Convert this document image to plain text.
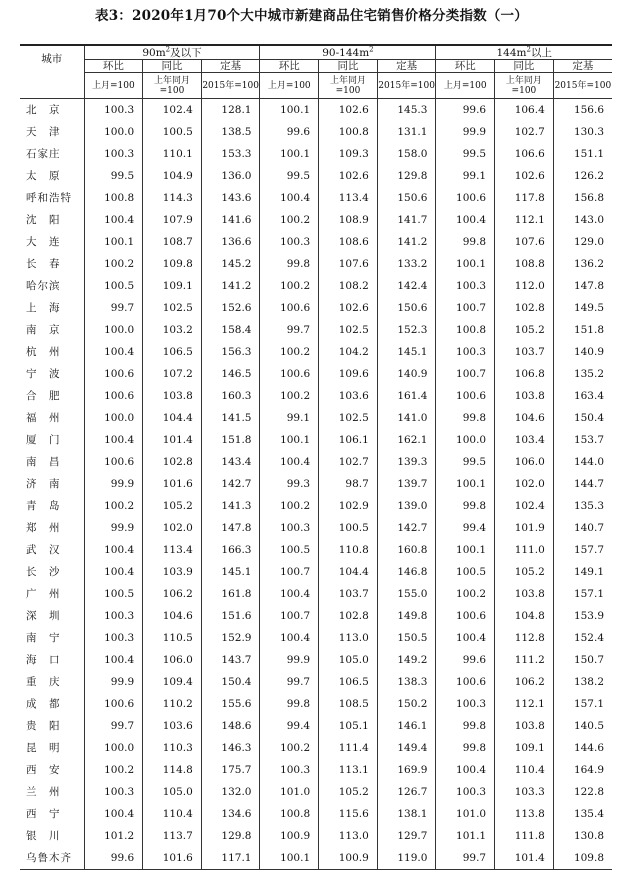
表3：2020年1月70个大中城市新建商品住宅销售价格分类指数（一）
城市	$90m^2$及以下			$90-144m^2$			$144m^2$以上		
	环比	同比	定基	环比	同比	定基	环比	同比	定基
	上月=100	上年同月=100	2015年=100	上月=100	上年同月=100	2015年=100	上月=100	上年同月=100	2015年=100
北　京	100.3	102.4	128.1	100.1	102.6	145.3	99.6	106.4	156.6
天　津	100.0	100.5	138.5	99.6	100.8	131.1	99.9	102.7	130.3
石家庄	100.3	110.1	153.3	100.1	109.3	158.0	99.5	106.6	151.1
太　原	99.5	104.9	136.0	99.5	102.6	129.8	99.1	102.6	126.2
呼和浩特	100.8	114.3	143.6	100.4	113.4	150.6	100.6	117.8	156.8
沈　阳	100.4	107.9	141.6	100.2	108.9	141.7	100.4	112.1	143.0
大　连	100.1	108.7	136.6	100.3	108.6	141.2	99.8	107.6	129.0
长　春	100.2	109.8	145.2	99.8	107.6	133.2	100.1	108.8	136.2
哈尔滨	100.5	109.1	141.2	100.2	108.2	142.4	100.3	112.0	147.8
上　海	99.7	102.5	152.6	100.6	102.6	150.6	100.7	102.8	149.5
南　京	100.0	103.2	158.4	99.7	102.5	152.3	100.8	105.2	151.8
杭　州	100.4	106.5	156.3	100.2	104.2	145.1	100.3	103.7	140.9
宁　波	100.6	107.2	146.5	100.6	109.6	140.9	100.7	106.8	135.2
合　肥	100.6	103.8	160.3	100.2	103.6	161.4	100.6	103.8	163.4
福　州	100.0	104.4	141.5	99.1	102.5	141.0	99.8	104.6	150.4
厦　门	100.4	101.4	151.8	100.1	106.1	162.1	100.0	103.4	153.7
南　昌	100.6	102.8	143.4	100.4	102.7	139.3	99.5	106.0	144.0
济　南	99.9	101.6	142.7	99.3	98.7	139.7	100.1	102.0	144.7
青　岛	100.2	105.2	141.3	100.2	102.9	139.0	99.8	102.4	135.3
郑　州	99.9	102.0	147.8	100.3	100.5	142.7	99.4	101.9	140.7
武　汉	100.4	113.4	166.3	100.5	110.8	160.8	100.1	111.0	157.7
长　沙	100.4	103.9	145.1	100.7	104.4	146.8	100.5	105.2	149.1
广　州	100.5	106.2	161.8	100.4	103.7	155.0	100.2	103.8	157.1
深　圳	100.3	104.6	151.6	100.7	102.8	149.8	100.6	104.8	153.9
南　宁	100.3	110.5	152.9	100.4	113.0	150.5	100.4	112.8	152.4
海　口	100.4	106.0	143.7	99.9	105.0	149.2	99.6	111.2	150.7
重　庆	99.9	109.4	150.4	99.7	106.5	138.3	100.6	106.2	138.2
成　都	100.6	110.2	155.6	99.8	108.5	150.2	100.3	112.1	157.1
贵　阳	99.7	103.6	148.6	99.4	105.1	146.1	99.8	103.8	140.5
昆　明	100.0	110.3	146.3	100.2	111.4	149.4	99.8	109.1	144.6
西　安	100.2	114.8	175.7	100.3	113.1	169.9	100.4	110.4	164.9
兰　州	100.3	105.0	132.0	101.0	105.2	126.7	100.3	103.3	122.8
西　宁	100.4	110.4	134.6	100.8	115.6	138.1	101.0	113.8	135.4
银　川	101.2	113.7	129.8	100.9	113.0	129.7	101.1	111.8	130.8
乌鲁木齐	99.6	101.6	117.1	100.1	100.9	119.0	99.7	101.4	109.8
